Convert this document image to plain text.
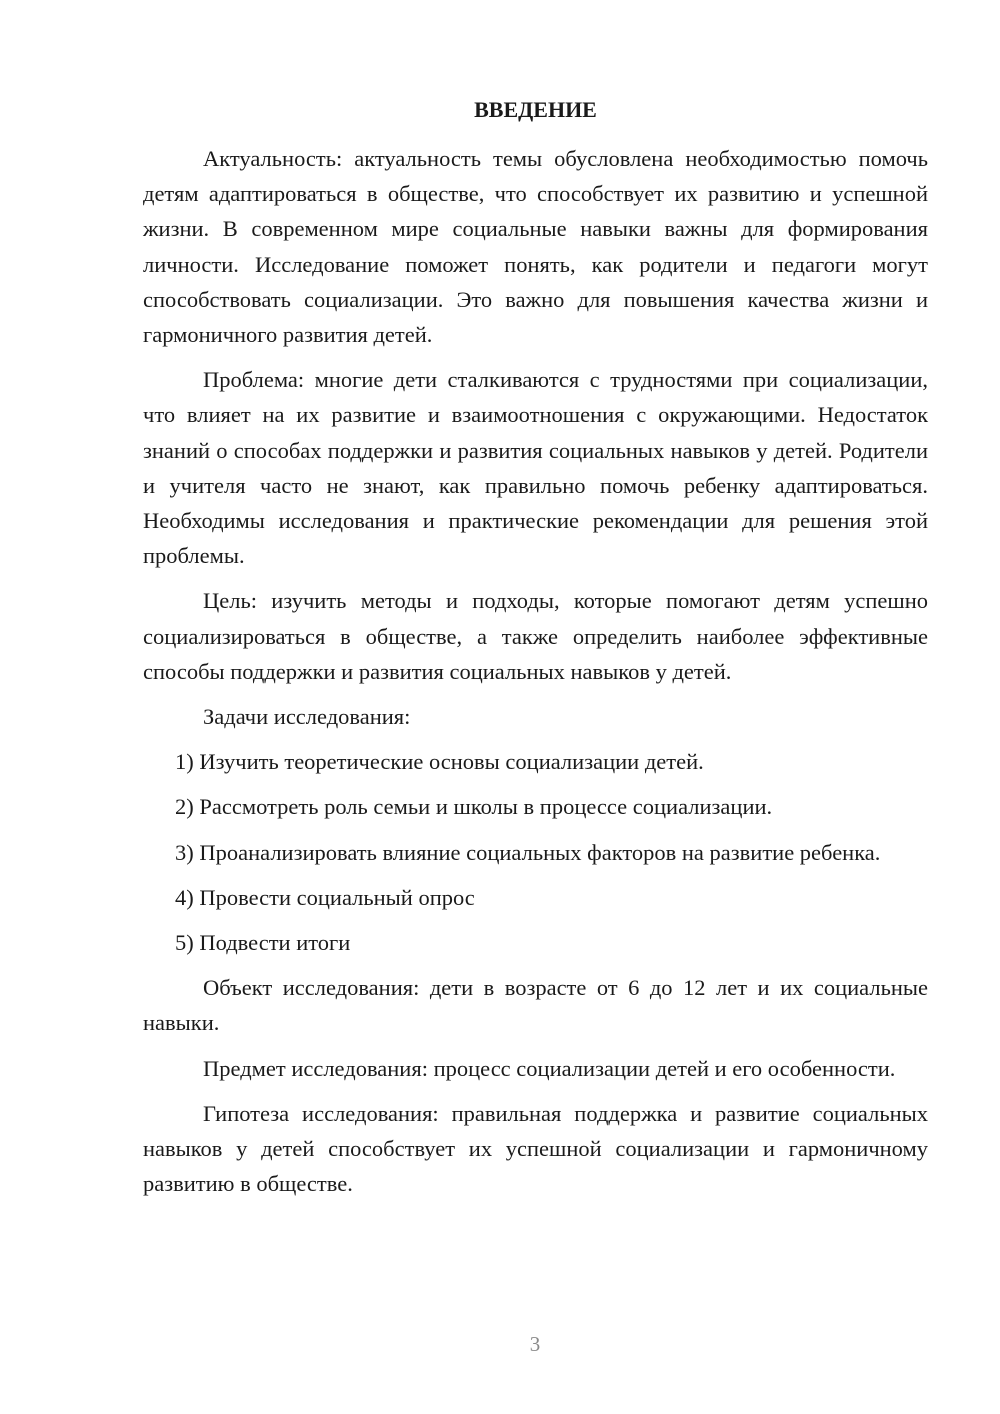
ВВЕДЕНИЕ

Актуальность: актуальность темы обусловлена необходимостью помочь детям адаптироваться в обществе, что способствует их развитию и успешной жизни. В современном мире социальные навыки важны для формирования личности. Исследование поможет понять, как родители и педагоги могут способствовать социализации. Это важно для повышения качества жизни и гармоничного развития детей.

Проблема: многие дети сталкиваются с трудностями при социализации, что влияет на их развитие и взаимоотношения с окружающими. Недостаток знаний о способах поддержки и развития социальных навыков у детей. Родители и учителя часто не знают, как правильно помочь ребенку адаптироваться. Необходимы исследования и практические рекомендации для решения этой проблемы.

Цель: изучить методы и подходы, которые помогают детям успешно социализироваться в обществе, а также определить наиболее эффективные способы поддержки и развития социальных навыков у детей.

Задачи исследования:

1) Изучить теоретические основы социализации детей.

2) Рассмотреть роль семьи и школы в процессе социализации.

3) Проанализировать влияние социальных факторов на развитие ребенка.

4) Провести социальный опрос

5) Подвести итоги

Объект исследования: дети в возрасте от 6 до 12 лет и их социальные навыки.

Предмет исследования: процесс социализации детей и его особенности.

Гипотеза исследования: правильная поддержка и развитие социальных навыков у детей способствует их успешной социализации и гармоничному развитию в обществе.

3
